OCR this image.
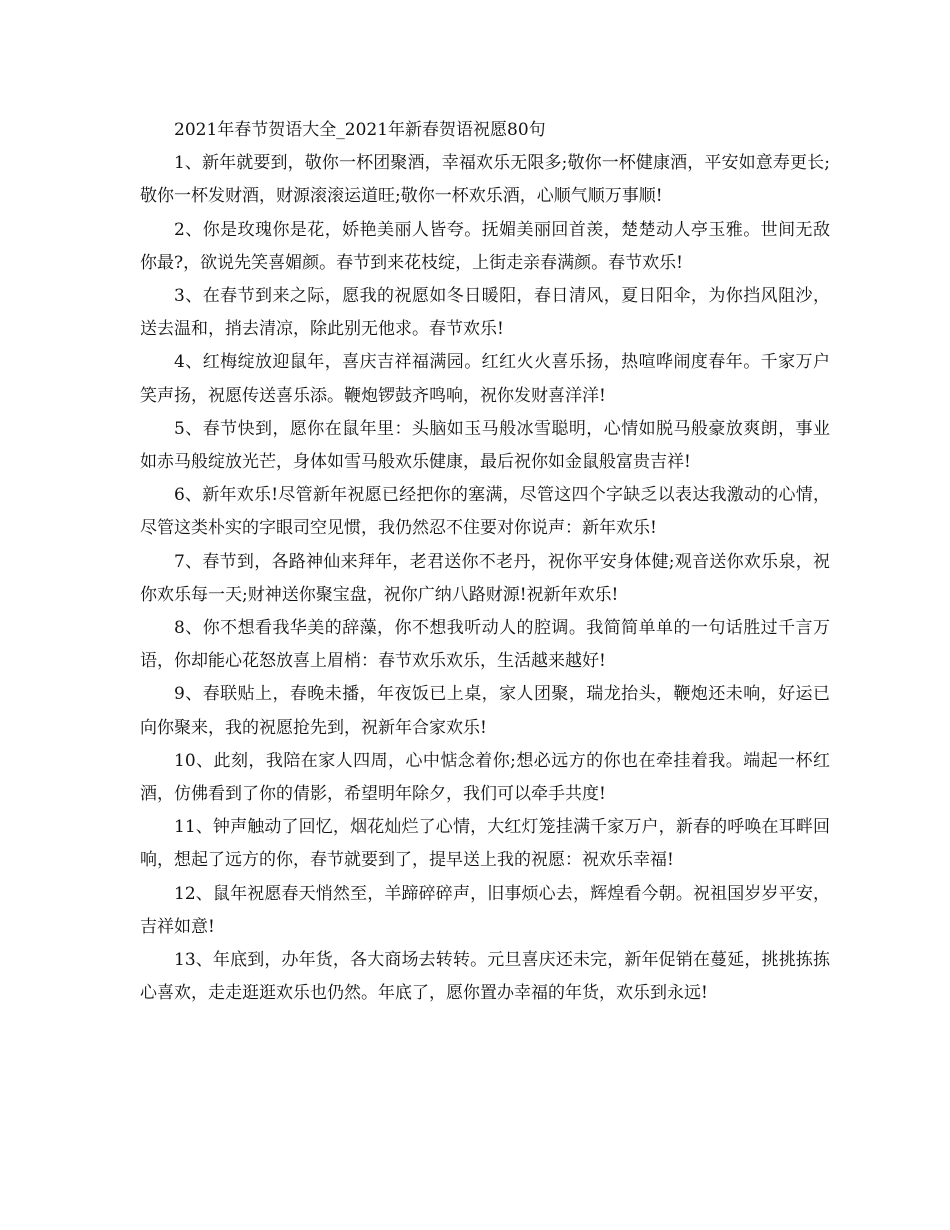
2021年春节贺语大全_2021年新春贺语祝愿80句

1、新年就要到，敬你一杯团聚酒，幸福欢乐无限多;敬你一杯健康酒，平安如意寿更长;敬你一杯发财酒，财源滚滚运道旺;敬你一杯欢乐酒，心顺气顺万事顺!

2、你是玫瑰你是花，娇艳美丽人皆夸。抚媚美丽回首羡，楚楚动人亭玉雅。世间无敌你最?，欲说先笑喜媚颜。春节到来花枝绽，上街走亲春满颜。春节欢乐!

3、在春节到来之际，愿我的祝愿如冬日暖阳，春日清风，夏日阳伞，为你挡风阻沙，送去温和，捎去清凉，除此别无他求。春节欢乐!

4、红梅绽放迎鼠年，喜庆吉祥福满园。红红火火喜乐扬，热喧哗闹度春年。千家万户笑声扬，祝愿传送喜乐添。鞭炮锣鼓齐鸣响，祝你发财喜洋洋!

5、春节快到，愿你在鼠年里：头脑如玉马般冰雪聪明，心情如脱马般豪放爽朗，事业如赤马般绽放光芒，身体如雪马般欢乐健康，最后祝你如金鼠般富贵吉祥!

6、新年欢乐!尽管新年祝愿已经把你的塞满，尽管这四个字缺乏以表达我激动的心情，尽管这类朴实的字眼司空见惯，我仍然忍不住要对你说声：新年欢乐!

7、春节到，各路神仙来拜年，老君送你不老丹，祝你平安身体健;观音送你欢乐泉，祝你欢乐每一天;财神送你聚宝盘，祝你广纳八路财源!祝新年欢乐!

8、你不想看我华美的辞藻，你不想我听动人的腔调。我简简单单的一句话胜过千言万语，你却能心花怒放喜上眉梢：春节欢乐欢乐，生活越来越好!

9、春联贴上，春晚未播，年夜饭已上桌，家人团聚，瑞龙抬头，鞭炮还未响，好运已向你聚来，我的祝愿抢先到，祝新年合家欢乐!

10、此刻，我陪在家人四周，心中惦念着你;想必远方的你也在牵挂着我。端起一杯红酒，仿佛看到了你的倩影，希望明年除夕，我们可以牵手共度!

11、钟声触动了回忆，烟花灿烂了心情，大红灯笼挂满千家万户，新春的呼唤在耳畔回响，想起了远方的你，春节就要到了，提早送上我的祝愿：祝欢乐幸福!

12、鼠年祝愿春天悄然至，羊蹄碎碎声，旧事烦心去，辉煌看今朝。祝祖国岁岁平安，吉祥如意!

13、年底到，办年货，各大商场去转转。元旦喜庆还未完，新年促销在蔓延，挑挑拣拣心喜欢，走走逛逛欢乐也仍然。年底了，愿你置办幸福的年货，欢乐到永远!
